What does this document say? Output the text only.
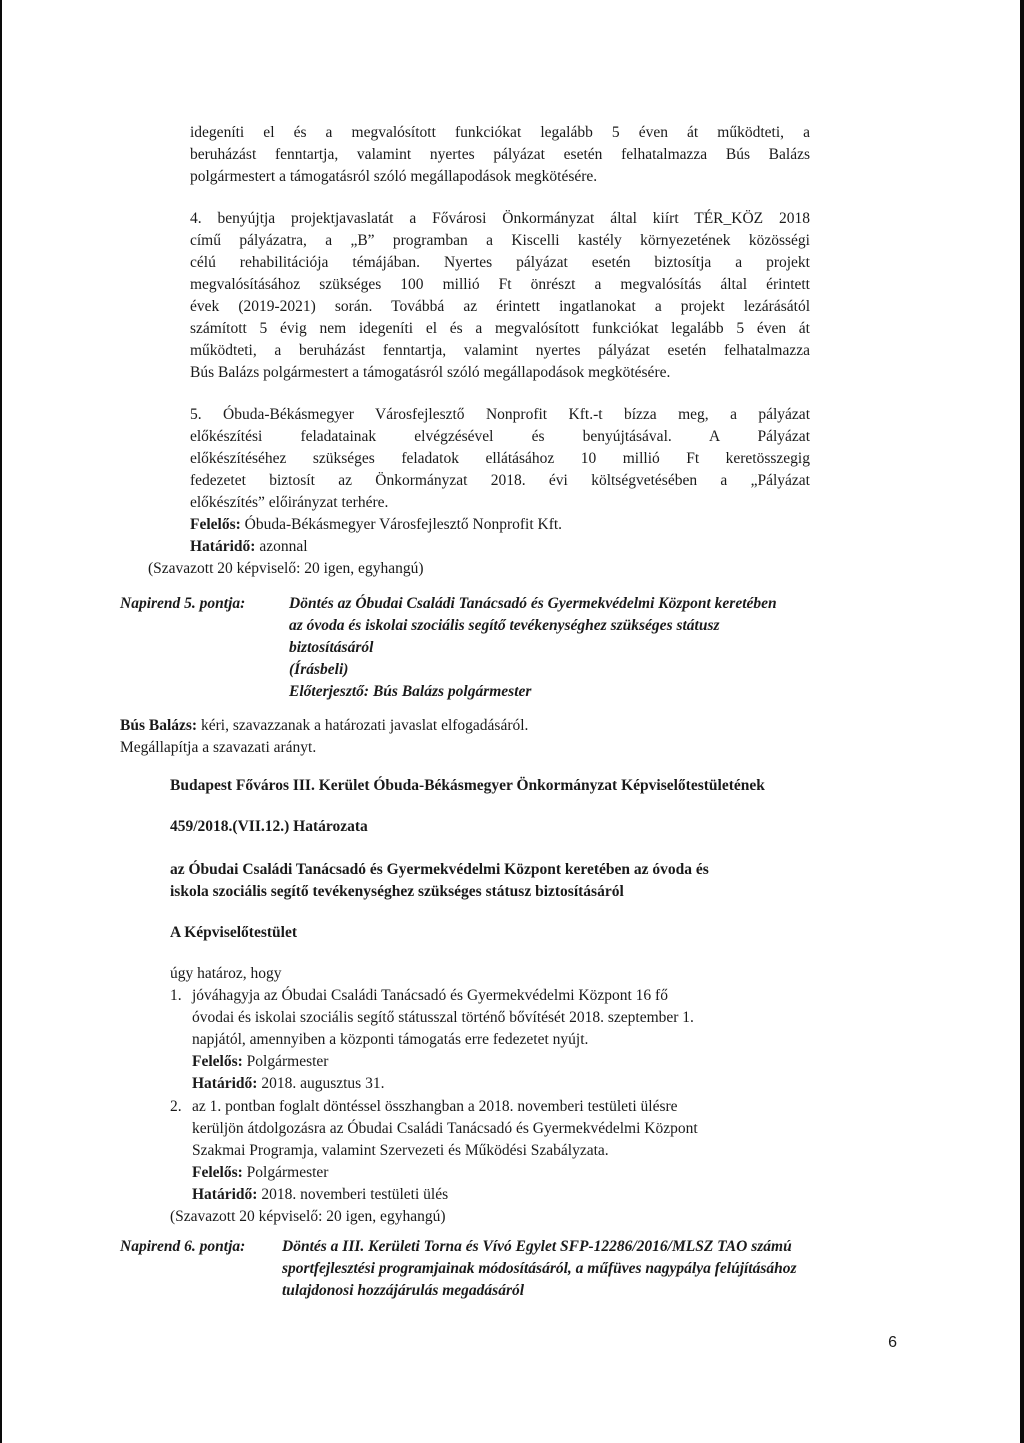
idegeníti el és a megvalósított funkciókat legalább 5 éven át működteti, a
beruházást fenntartja, valamint nyertes pályázat esetén felhatalmazza Bús Balázs
polgármestert a támogatásról szóló megállapodások megkötésére.
4. benyújtja projektjavaslatát a Fővárosi Önkormányzat által kiírt TÉR_KÖZ 2018
című pályázatra, a „B” programban a Kiscelli kastély környezetének közösségi
célú rehabilitációja témájában. Nyertes pályázat esetén biztosítja a projekt
megvalósításához szükséges 100 millió Ft önrészt a megvalósítás által érintett
évek (2019-2021) során. Továbbá az érintett ingatlanokat a projekt lezárásától
számított 5 évig nem idegeníti el és a megvalósított funkciókat legalább 5 éven át
működteti, a beruházást fenntartja, valamint nyertes pályázat esetén felhatalmazza
Bús Balázs polgármestert a támogatásról szóló megállapodások megkötésére.
5. Óbuda-Békásmegyer Városfejlesztő Nonprofit Kft.-t bízza meg, a pályázat
előkészítési feladatainak elvégzésével és benyújtásával. A Pályázat
előkészítéséhez szükséges feladatok ellátásához 10 millió Ft keretösszegig
fedezetet biztosít az Önkormányzat 2018. évi költségvetésében a „Pályázat
előkészítés” előirányzat terhére.
Felelős: Óbuda-Békásmegyer Városfejlesztő Nonprofit Kft.
Határidő: azonnal
(Szavazott 20 képviselő: 20 igen, egyhangú)
Napirend 5. pontja:	Döntés az Óbudai Családi Tanácsadó és Gyermekvédelmi Központ keretében
az óvoda és iskolai szociális segítő tevékenységhez szükséges státusz
biztosításáról
(Írásbeli)
Előterjesztő: Bús Balázs polgármester
Bús Balázs: kéri, szavazzanak a határozati javaslat elfogadásáról.
Megállapítja a szavazati arányt.
Budapest Főváros III. Kerület Óbuda-Békásmegyer Önkormányzat Képviselőtestületének
459/2018.(VII.12.) Határozata
az Óbudai Családi Tanácsadó és Gyermekvédelmi Központ keretében az óvoda és
iskola szociális segítő tevékenységhez szükséges státusz biztosításáról
A Képviselőtestület
úgy határoz, hogy
1. jóváhagyja az Óbudai Családi Tanácsadó és Gyermekvédelmi Központ 16 fő
óvodai és iskolai szociális segítő státusszal történő bővítését 2018. szeptember 1.
napjától, amennyiben a központi támogatás erre fedezetet nyújt.
Felelős: Polgármester
Határidő: 2018. augusztus 31.
2. az 1. pontban foglalt döntéssel összhangban a 2018. novemberi testületi ülésre
kerüljön átdolgozásra az Óbudai Családi Tanácsadó és Gyermekvédelmi Központ
Szakmai Programja, valamint Szervezeti és Működési Szabályzata.
Felelős: Polgármester
Határidő: 2018. novemberi testületi ülés
(Szavazott 20 képviselő: 20 igen, egyhangú)
Napirend 6. pontja: Döntés a III. Kerületi Torna és Vívó Egylet SFP-12286/2016/MLSZ TAO számú
sportfejlesztési programjainak módosításáról, a műfüves nagypálya felújításához
tulajdonosi hozzájárulás megadásáról
6
